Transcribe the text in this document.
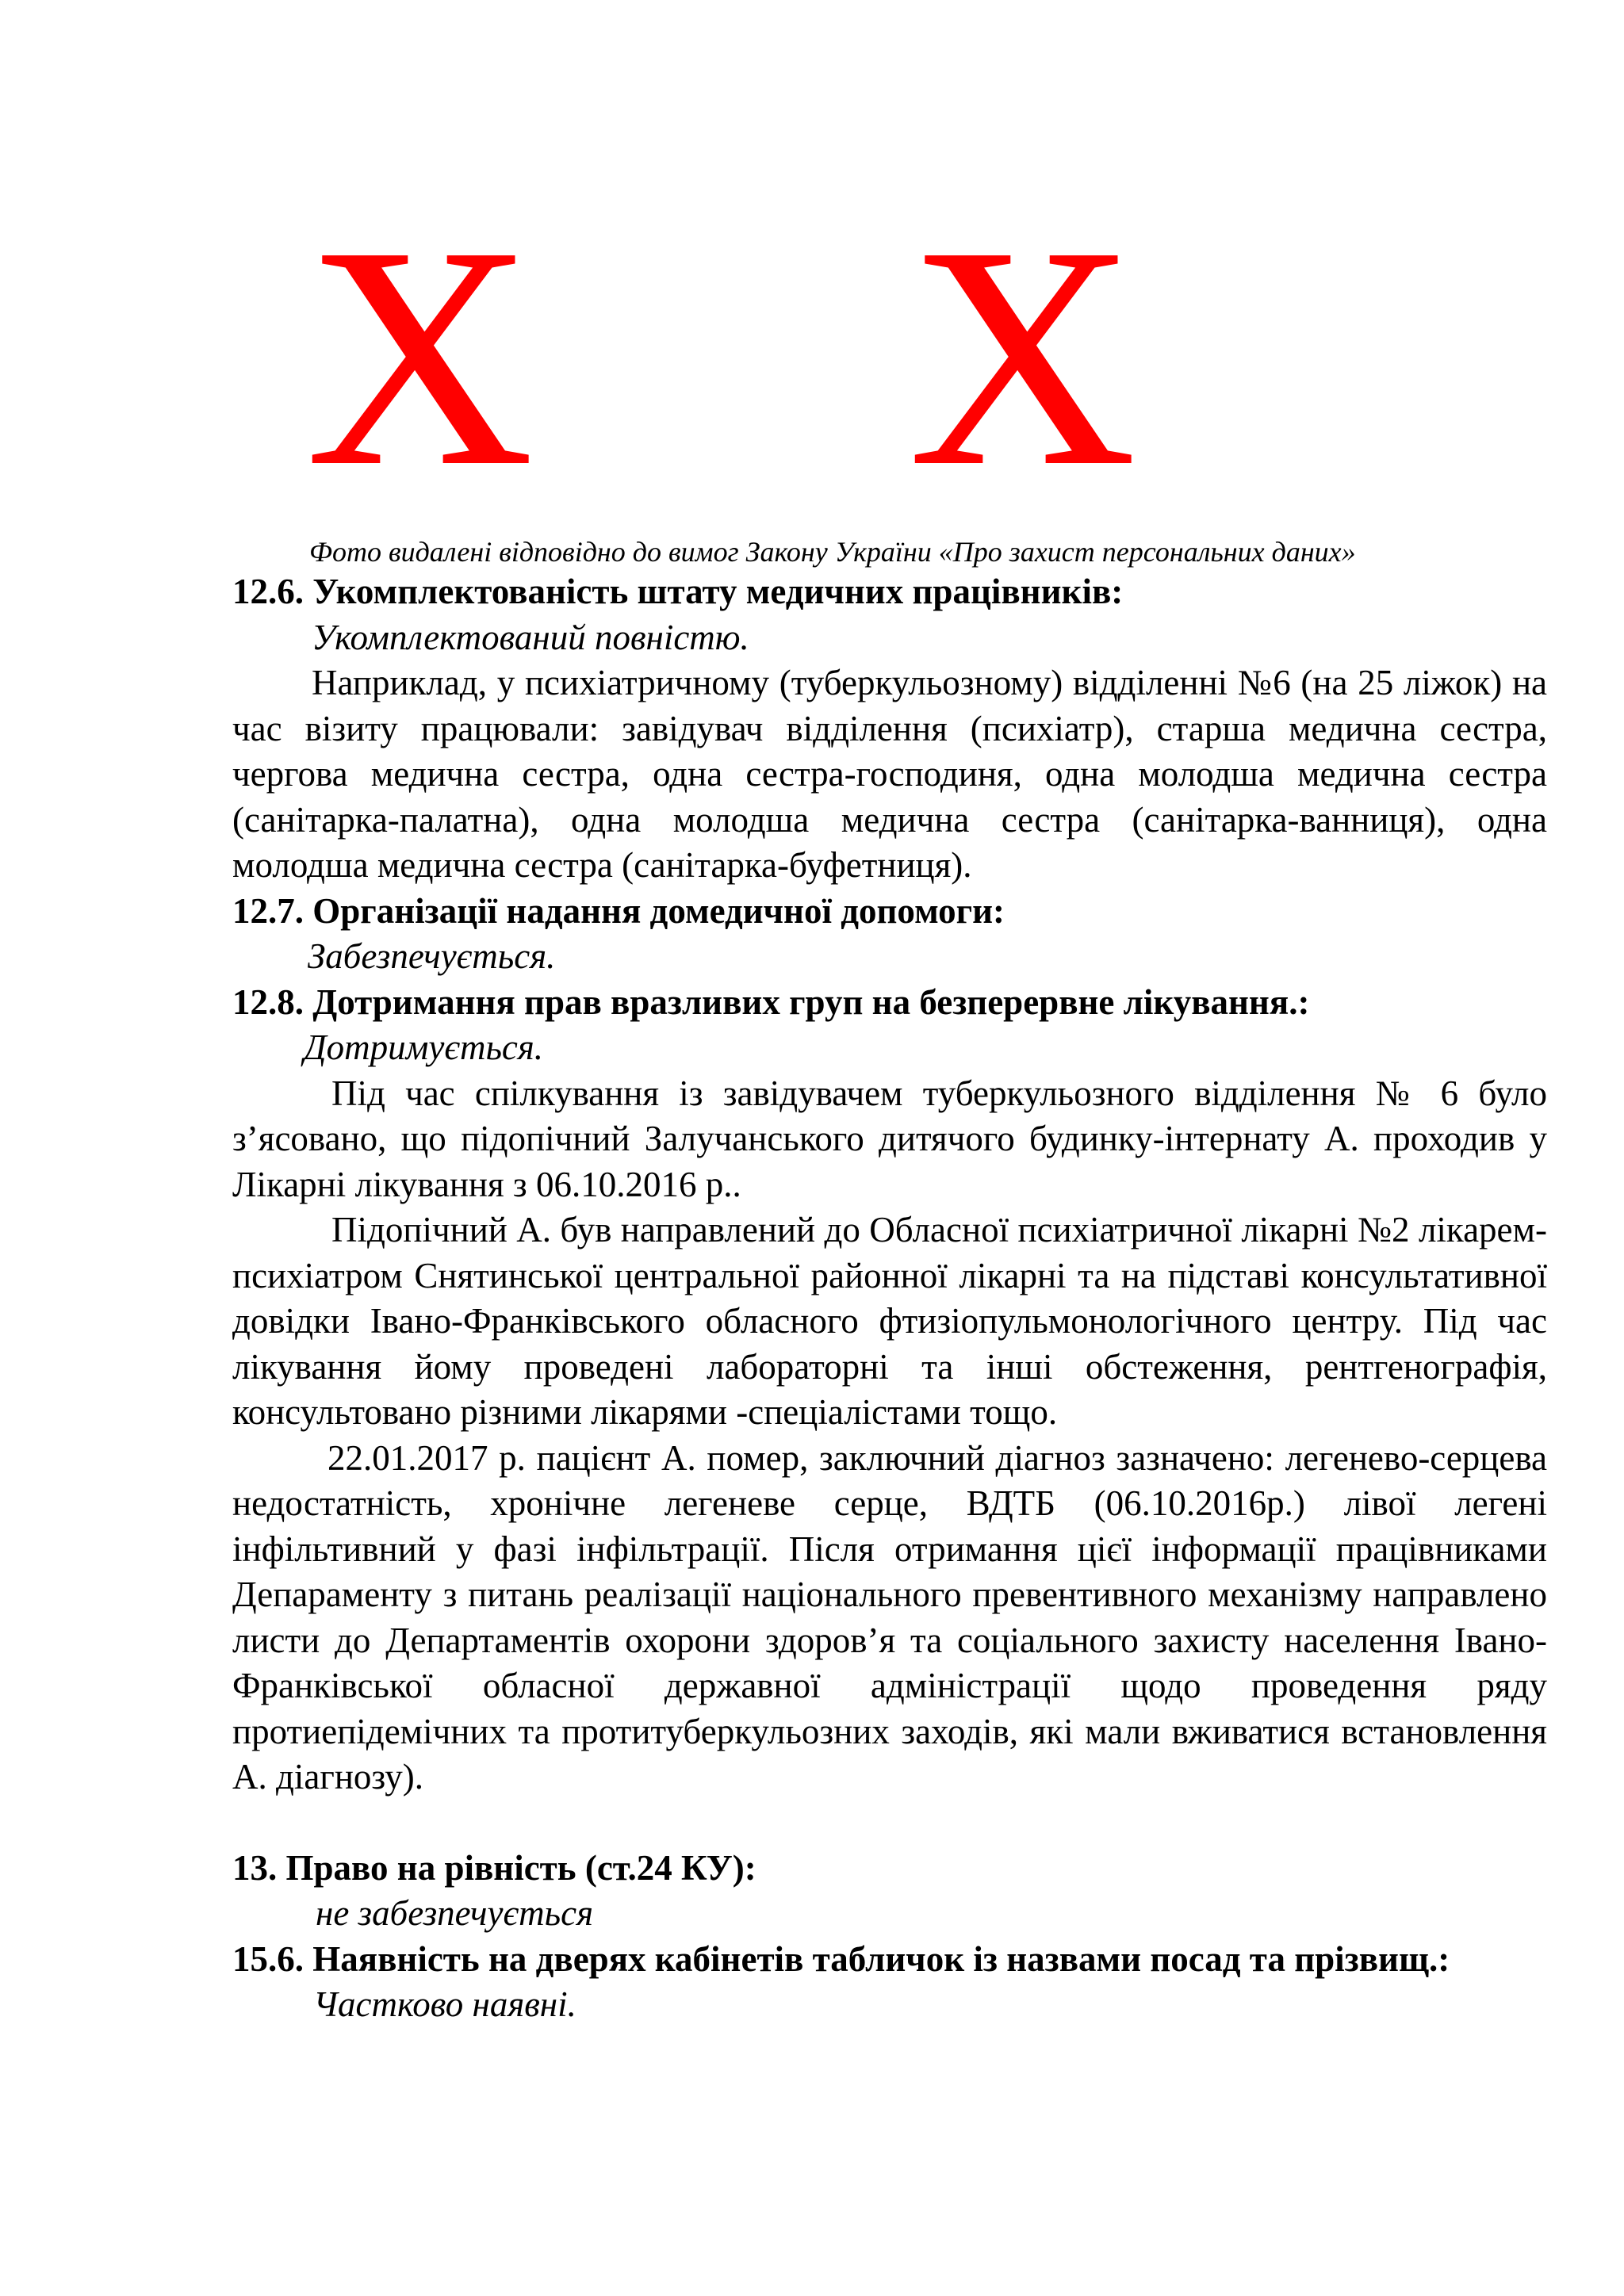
X X
Фото видалені відповідно до вимог Закону України «Про захист персональних даних»

12.6. Укомплектованість штату медичних працівників:

Укомплектований повністю.

Наприклад, у психіатричному (туберкульозному) відділенні №6 (на 25 ліжок) на час візиту працювали: завідувач відділення (психіатр), старша медична сестра, чергова медична сестра, одна сестра-господиня, одна молодша медична сестра (санітарка-палатна), одна молодша медична сестра (санітарка-ванниця), одна молодша медична сестра (санітарка-буфетниця).

12.7. Організації надання домедичної допомоги:

Забезпечується.

12.8. Дотримання прав вразливих груп на безперервне лікування.:

Дотримується.

Під час спілкування із завідувачем туберкульозного відділення № 6 було з’ясовано, що підопічний Залучанського дитячого будинку-інтернату А. проходив у Лікарні лікування з 06.10.2016 р..

Підопічний А. був направлений до Обласної психіатричної лікарні №2 лікарем-психіатром Снятинської центральної районної лікарні та на підставі консультативної довідки Івано-Франківського обласного фтизіопульмонологічного центру. Під час лікування йому проведені лабораторні та інші обстеження, рентгенографія, консультовано різними лікарями -спеціалістами тощо.

22.01.2017 р. пацієнт А. помер, заключний діагноз зазначено: легенево-серцева недостатність, хронічне легеневе серце, ВДТБ (06.10.2016р.) лівої легені інфільтивний у фазі інфільтрації. Після отримання цієї інформації працівниками Депараменту з питань реалізації національного превентивного механізму направлено листи до Департаментів охорони здоров’я та соціального захисту населення Івано-Франківської обласної державної адміністрації щодо проведення ряду протиепідемічних та протитуберкульозних заходів, які мали вживатися встановлення А. діагнозу).

13. Право на рівність (ст.24 КУ):

не забезпечується

15.6. Наявність на дверях кабінетів табличок із назвами посад та прізвищ.:

Частково наявні.
